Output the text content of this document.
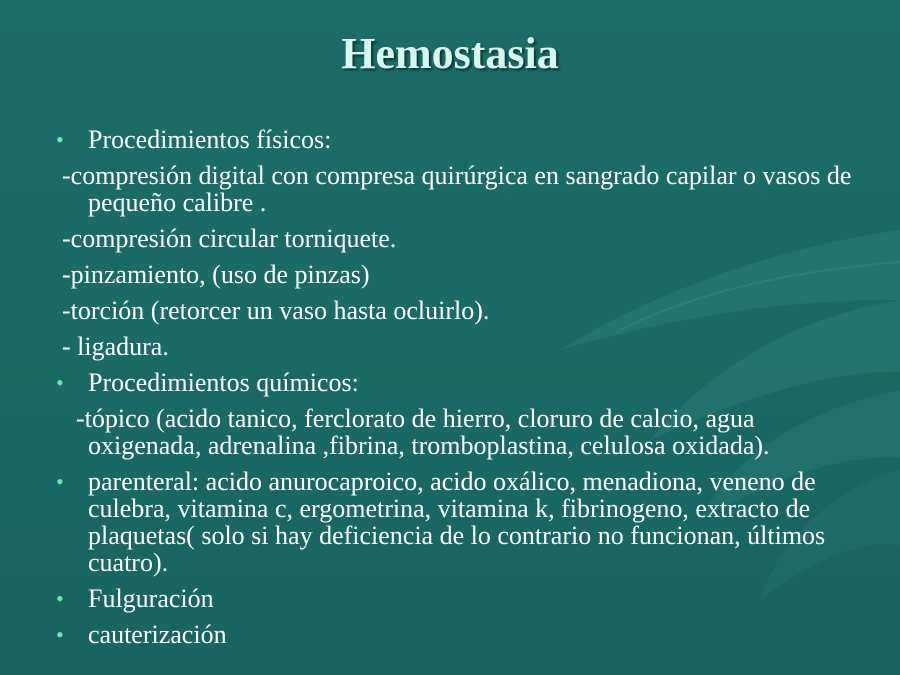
Hemostasia
• Procedimientos físicos:
-compresión digital con compresa quirúrgica en sangrado capilar o vasos de pequeño calibre .
-compresión circular torniquete.
-pinzamiento, (uso de pinzas)
-torción (retorcer un vaso hasta ocluirlo).
- ligadura.
• Procedimientos químicos:
-tópico (acido tanico, ferclorato de hierro, cloruro de calcio, agua oxigenada, adrenalina ,fibrina, tromboplastina, celulosa oxidada).
• parenteral: acido anurocaproico, acido oxálico, menadiona, veneno de culebra, vitamina c, ergometrina, vitamina k, fibrinogeno, extracto de plaquetas( solo si hay deficiencia de lo contrario no funcionan, últimos cuatro).
• Fulguración
• cauterización
